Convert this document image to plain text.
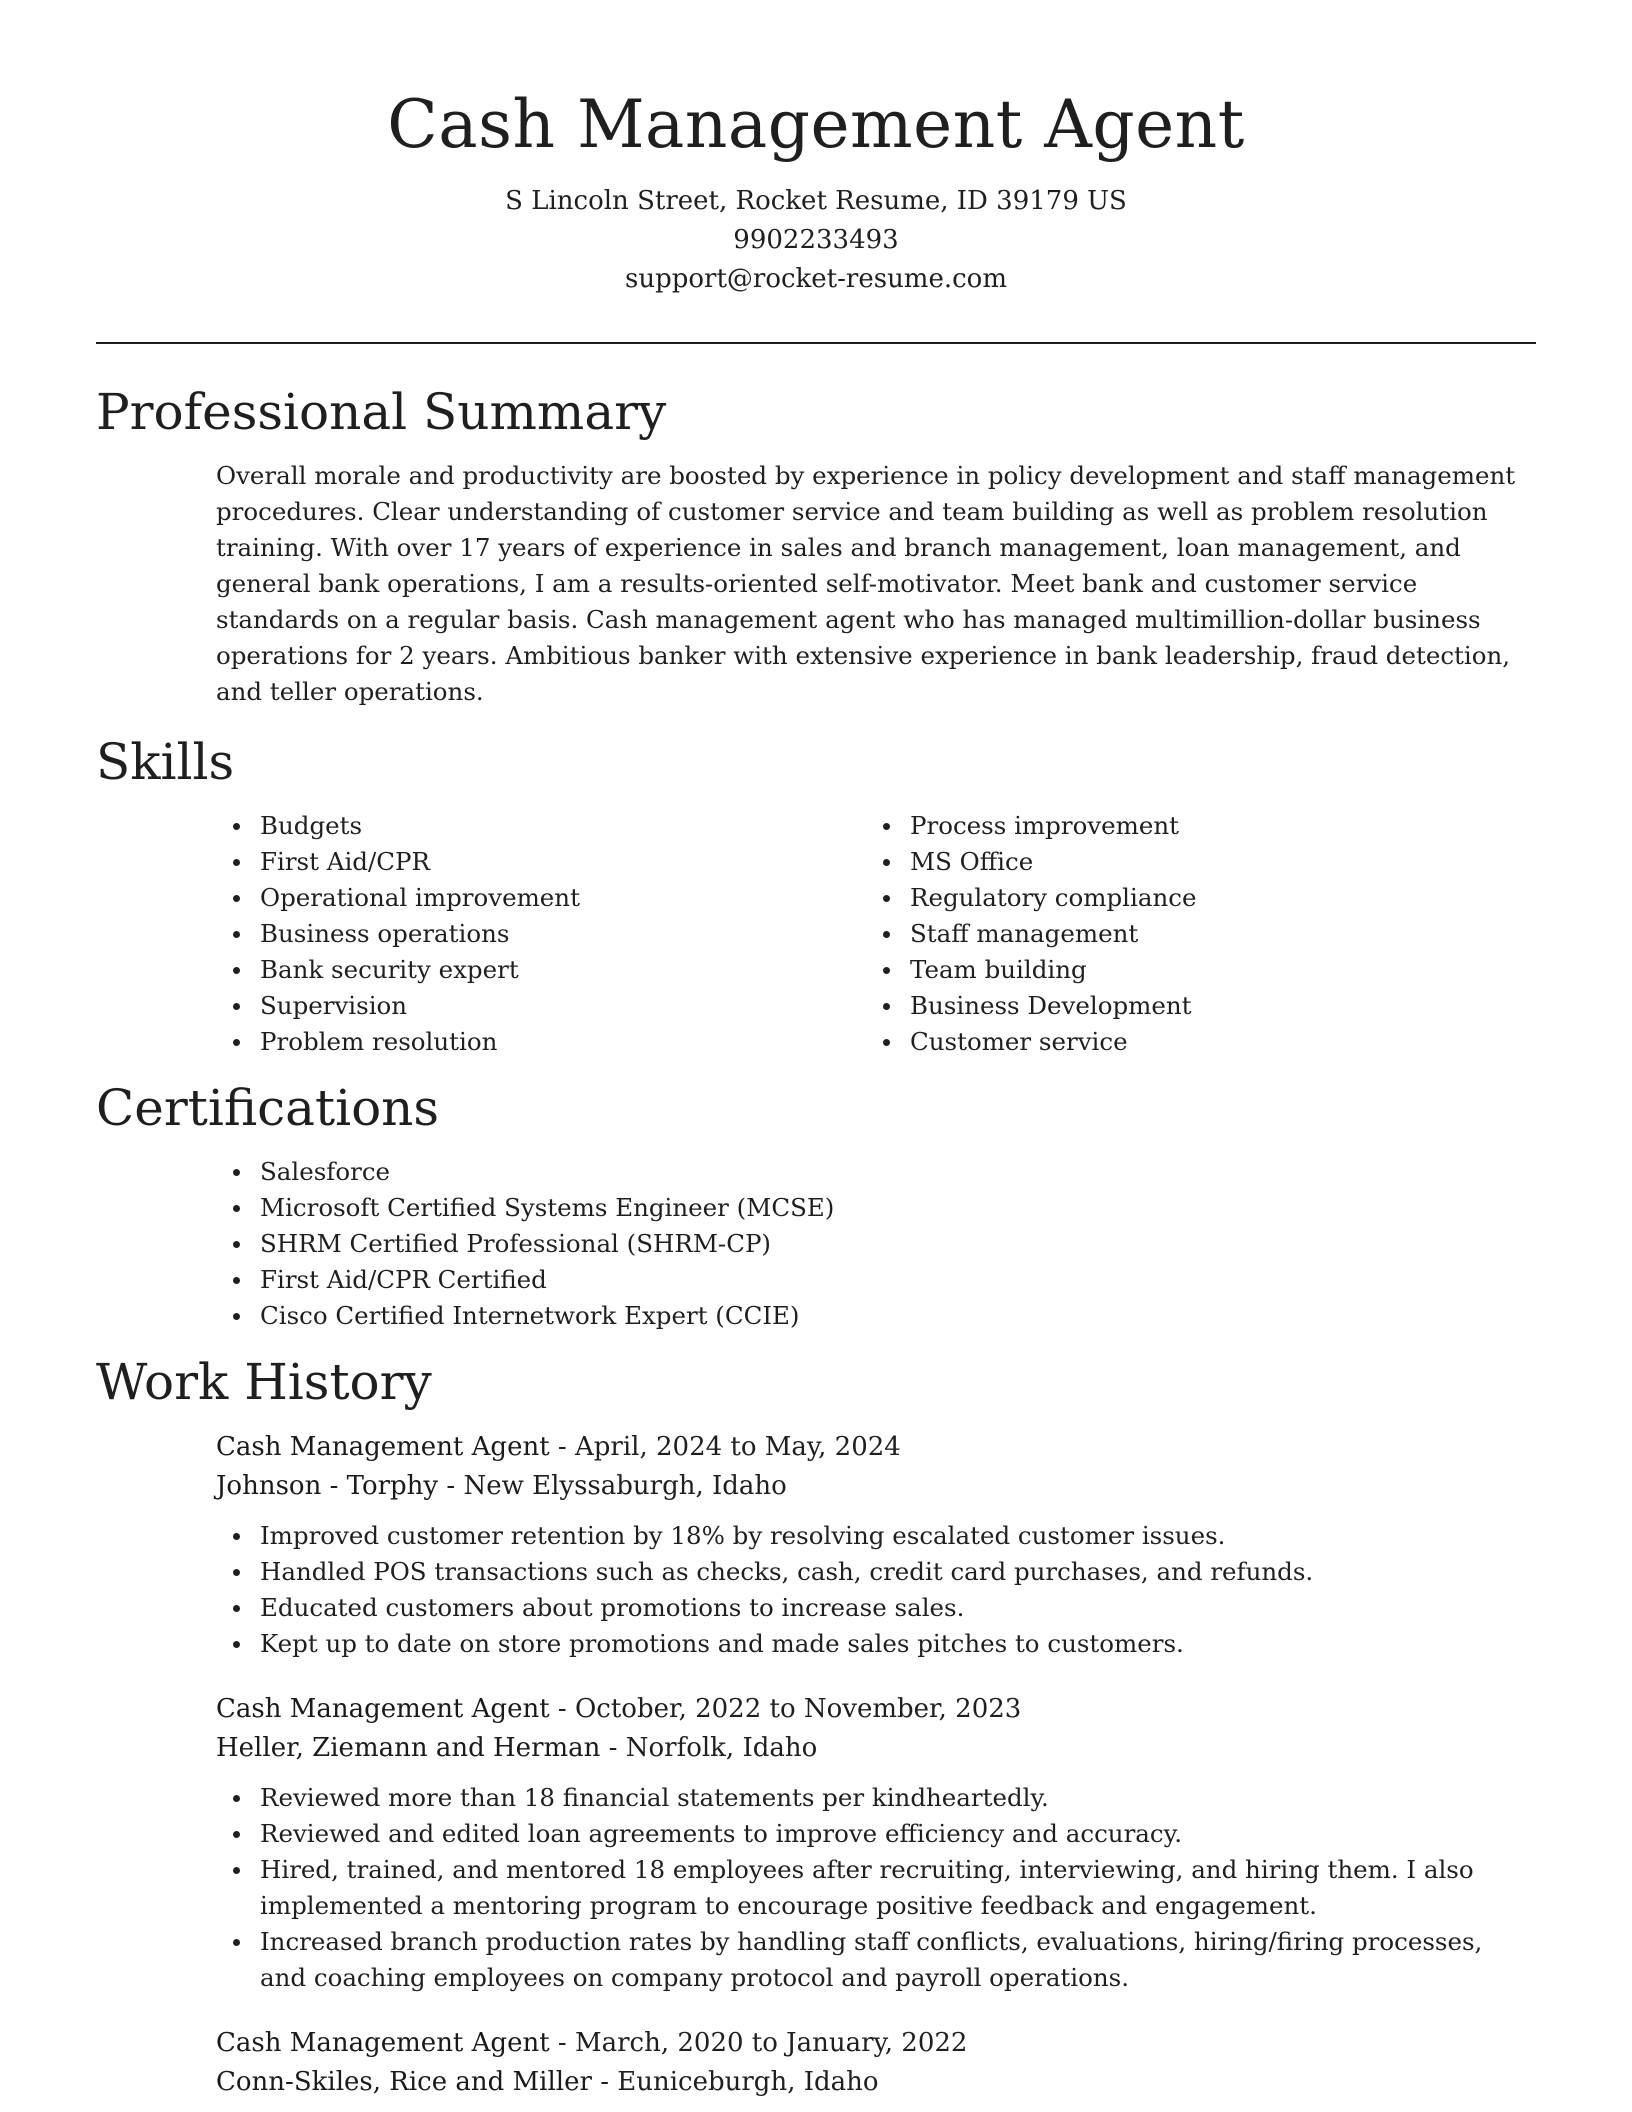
Cash Management Agent
S Lincoln Street, Rocket Resume, ID 39179 US
9902233493
support@rocket-resume.com
Professional Summary

Overall morale and productivity are boosted by experience in policy development and staff management procedures. Clear understanding of customer service and team building as well as problem resolution training. With over 17 years of experience in sales and branch management, loan management, and general bank operations, I am a results-oriented self-motivator. Meet bank and customer service standards on a regular basis. Cash management agent who has managed multimillion-dollar business operations for 2 years. Ambitious banker with extensive experience in bank leadership, fraud detection, and teller operations.

Skills
Budgets
First Aid/CPR
Operational improvement
Business operations
Bank security expert
Supervision
Problem resolution
Process improvement
MS Office
Regulatory compliance
Staff management
Team building
Business Development
Customer service
Certifications
Salesforce
Microsoft Certified Systems Engineer (MCSE)
SHRM Certified Professional (SHRM-CP)
First Aid/CPR Certified
Cisco Certified Internetwork Expert (CCIE)
Work History
Cash Management Agent - April, 2024 to May, 2024
Johnson - Torphy - New Elyssaburgh, Idaho
Improved customer retention by 18% by resolving escalated customer issues.
Handled POS transactions such as checks, cash, credit card purchases, and refunds.
Educated customers about promotions to increase sales.
Kept up to date on store promotions and made sales pitches to customers.
Cash Management Agent - October, 2022 to November, 2023
Heller, Ziemann and Herman - Norfolk, Idaho
Reviewed more than 18 financial statements per kindheartedly.
Reviewed and edited loan agreements to improve efficiency and accuracy.
Hired, trained, and mentored 18 employees after recruiting, interviewing, and hiring them. I also implemented a mentoring program to encourage positive feedback and engagement.
Increased branch production rates by handling staff conflicts, evaluations, hiring/firing processes, and coaching employees on company protocol and payroll operations.
Cash Management Agent - March, 2020 to January, 2022
Conn-Skiles, Rice and Miller - Euniceburgh, Idaho
